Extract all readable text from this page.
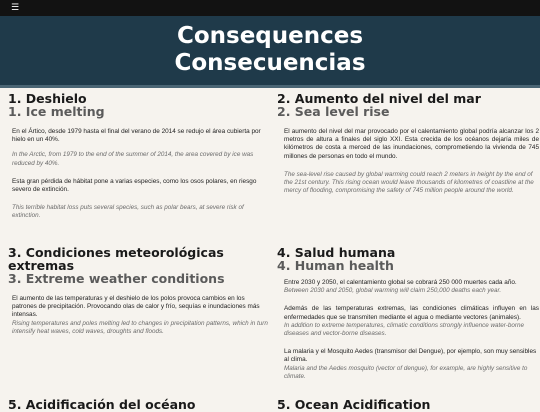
☰
Consequences
Consecuencias
1. Deshielo
1. Ice melting

En el Ártico, desde 1979 hasta el final del verano de 2014 se redujo el área cubierta por hielo en un 40%.

In the Arctic, from 1979 to the end of the summer of 2014, the area covered by ice was reduced by 40%.

Esta gran pérdida de hábitat pone a varias especies, como los osos polares, en riesgo severo de extinción.

This terrible habitat loss puts several species, such as polar bears, at severe risk of extinction.

2. Aumento del nivel del mar
2. Sea level rise

El aumento del nivel del mar provocado por el calentamiento global podría alcanzar los 2 metros de altura a finales del siglo XXI. Esta crecida de los océanos dejaría miles de kilómetros de costa a merced de las inundaciones, comprometiendo la vivienda de 745 millones de personas en todo el mundo.

The sea-level rise caused by global warming could reach 2 meters in height by the end of the 21st century. This rising ocean would leave thousands of kilometres of coastline at the mercy of flooding, compromising the safety of 745 million people around the world.

3. Condiciones meteorológicas extremas
3. Extreme weather conditions

El aumento de las temperaturas y el deshielo de los polos provoca cambios en los patrones de precipitación. Provocando olas de calor y frío, sequías e inundaciones más intensas.

Rising temperatures and poles melting led to changes in precipitation patterns, which in turn intensify heat waves, cold waves, droughts and floods.

4. Salud humana
4. Human health

Entre 2030 y 2050, el calentamiento global se cobrará 250 000 muertes cada año.

Between 2030 and 2050, global warming will claim 250,000 deaths each year.

Además de las temperaturas extremas, las condiciones climáticas influyen en las enfermedades que se transmiten mediante el agua o mediante vectores (animales).

In addition to extreme temperatures, climatic conditions strongly influence water-borne diseases and vector-borne diseases.

La malaria y el Mosquito Aedes (transmisor del Dengue), por ejemplo, son muy sensibles al clima.

Malaria and the Aedes mosquito (vector of dengue), for example, are highly sensitive to climate.

5. Acidificación del océano	5. Ocean Acidification
